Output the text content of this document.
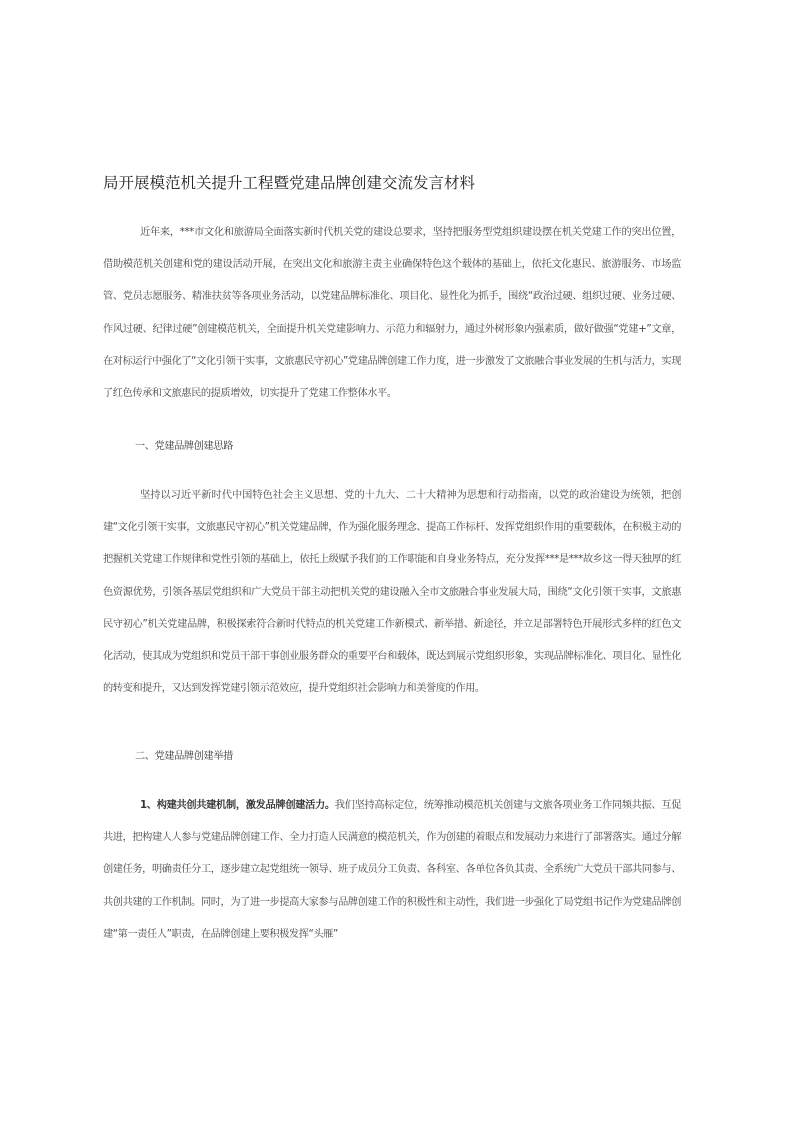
局开展模范机关提升工程暨党建品牌创建交流发言材料

近年来，***市文化和旅游局全面落实新时代机关党的建设总要求，坚持把服务型党组织建设摆在机关党建工作的突出位置，借助模范机关创建和党的建设活动开展，在突出文化和旅游主责主业确保特色这个载体的基础上，依托文化惠民、旅游服务、市场监管、党员志愿服务、精准扶贫等各项业务活动，以党建品牌标准化、项目化、显性化为抓手，围绕“政治过硬、组织过硬、业务过硬、作风过硬、纪律过硬”创建模范机关，全面提升机关党建影响力、示范力和辐射力，通过外树形象内强素质，做好做强“党建+”文章，在对标运行中强化了“文化引领干实事，文旅惠民守初心”党建品牌创建工作力度，进一步激发了文旅融合事业发展的生机与活力，实现了红色传承和文旅惠民的提质增效，切实提升了党建工作整体水平。

一、党建品牌创建思路

坚持以习近平新时代中国特色社会主义思想、党的十九大、二十大精神为思想和行动指南，以党的政治建设为统领，把创建“文化引领干实事，文旅惠民守初心”机关党建品牌，作为强化服务理念、提高工作标杆、发挥党组织作用的重要载体，在积极主动的把握机关党建工作规律和党性引领的基础上，依托上级赋予我们的工作职能和自身业务特点，充分发挥***是***故乡这一得天独厚的红色资源优势，引领各基层党组织和广大党员干部主动把机关党的建设融入全市文旅融合事业发展大局，围绕“文化引领干实事，文旅惠民守初心”机关党建品牌，积极探索符合新时代特点的机关党建工作新模式、新举措、新途径，并立足部署特色开展形式多样的红色文化活动，使其成为党组织和党员干部干事创业服务群众的重要平台和载体，既达到展示党组织形象，实现品牌标准化、项目化、显性化的转变和提升，又达到发挥党建引领示范效应，提升党组织社会影响力和美誉度的作用。

二、党建品牌创建举措

1、构建共创共建机制，激发品牌创建活力。我们坚持高标定位，统筹推动模范机关创建与文旅各项业务工作同频共振、互促共进，把构建人人参与党建品牌创建工作、全力打造人民满意的模范机关，作为创建的着眼点和发展动力来进行了部署落实。通过分解创建任务，明确责任分工，逐步建立起党组统一领导、班子成员分工负责、各科室、各单位各负其责、全系统广大党员干部共同参与、共创共建的工作机制。同时，为了进一步提高大家参与品牌创建工作的积极性和主动性，我们进一步强化了局党组书记作为党建品牌创建“第一责任人”职责，在品牌创建上要积极发挥“头雁”
